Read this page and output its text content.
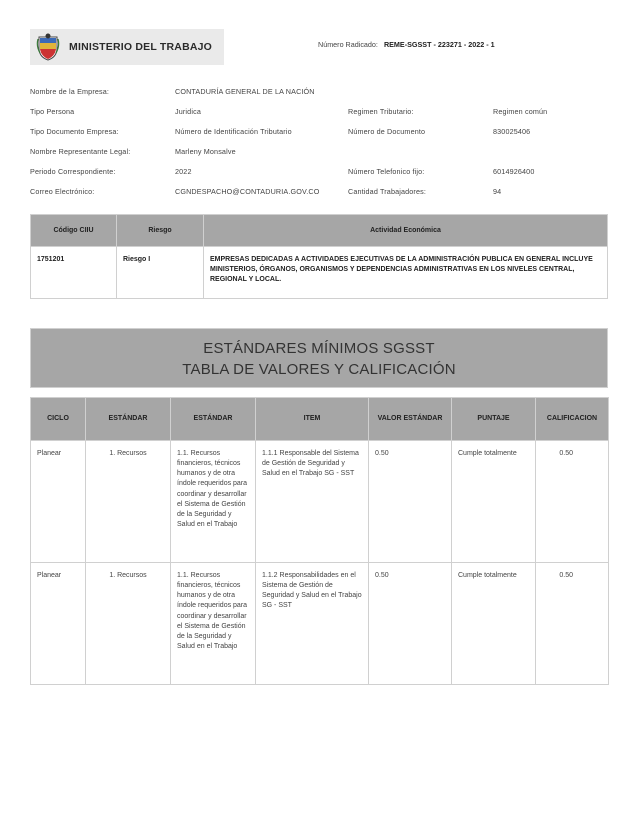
MINISTERIO DEL TRABAJO	Número Radicado: REME-SGSST - 223271 - 2022 - 1
Nombre de la Empresa:	CONTADURÍA GENERAL DE LA NACIÓN
Tipo Persona	Juridica	Regimen Tributario:	Regimen común
Tipo Documento Empresa:	Número de Identificación Tributario	Número de Documento	830025406
Nombre Representante Legal:	Marleny Monsalve
Periodo Correspondiente:	2022	Número Telefonico fijo:	6014926400
Correo Electrónico:	CGNDESPACHO@CONTADURIA.GOV.CO	Cantidad Trabajadores:	94
Código CIIU	Riesgo	Actividad Económica
1751201	Riesgo I	EMPRESAS DEDICADAS A ACTIVIDADES EJECUTIVAS DE LA ADMINISTRACIÓN PUBLICA EN GENERAL INCLUYE MINISTERIOS, ÓRGANOS, ORGANISMOS Y DEPENDENCIAS ADMINISTRATIVAS EN LOS NIVELES CENTRAL, REGIONAL Y LOCAL.
ESTÁNDARES MÍNIMOS SGSST
TABLA DE VALORES Y CALIFICACIÓN
CICLO	ESTÁNDAR	ESTÁNDAR	ITEM	VALOR ESTÁNDAR	PUNTAJE	CALIFICACION
Planear	1. Recursos	1.1. Recursos financieros, técnicos humanos y de otra índole requeridos para coordinar y desarrollar el Sistema de Gestión de la Seguridad y Salud en el Trabajo	1.1.1 Responsable del Sistema de Gestión de Seguridad y Salud en el Trabajo SG - SST	0.50	Cumple totalmente	0.50
Planear	1. Recursos	1.1. Recursos financieros, técnicos humanos y de otra índole requeridos para coordinar y desarrollar el Sistema de Gestión de la Seguridad y Salud en el Trabajo	1.1.2 Responsabilidades en el Sistema de Gestión de Seguridad y Salud en el Trabajo SG - SST	0.50	Cumple totalmente	0.50
